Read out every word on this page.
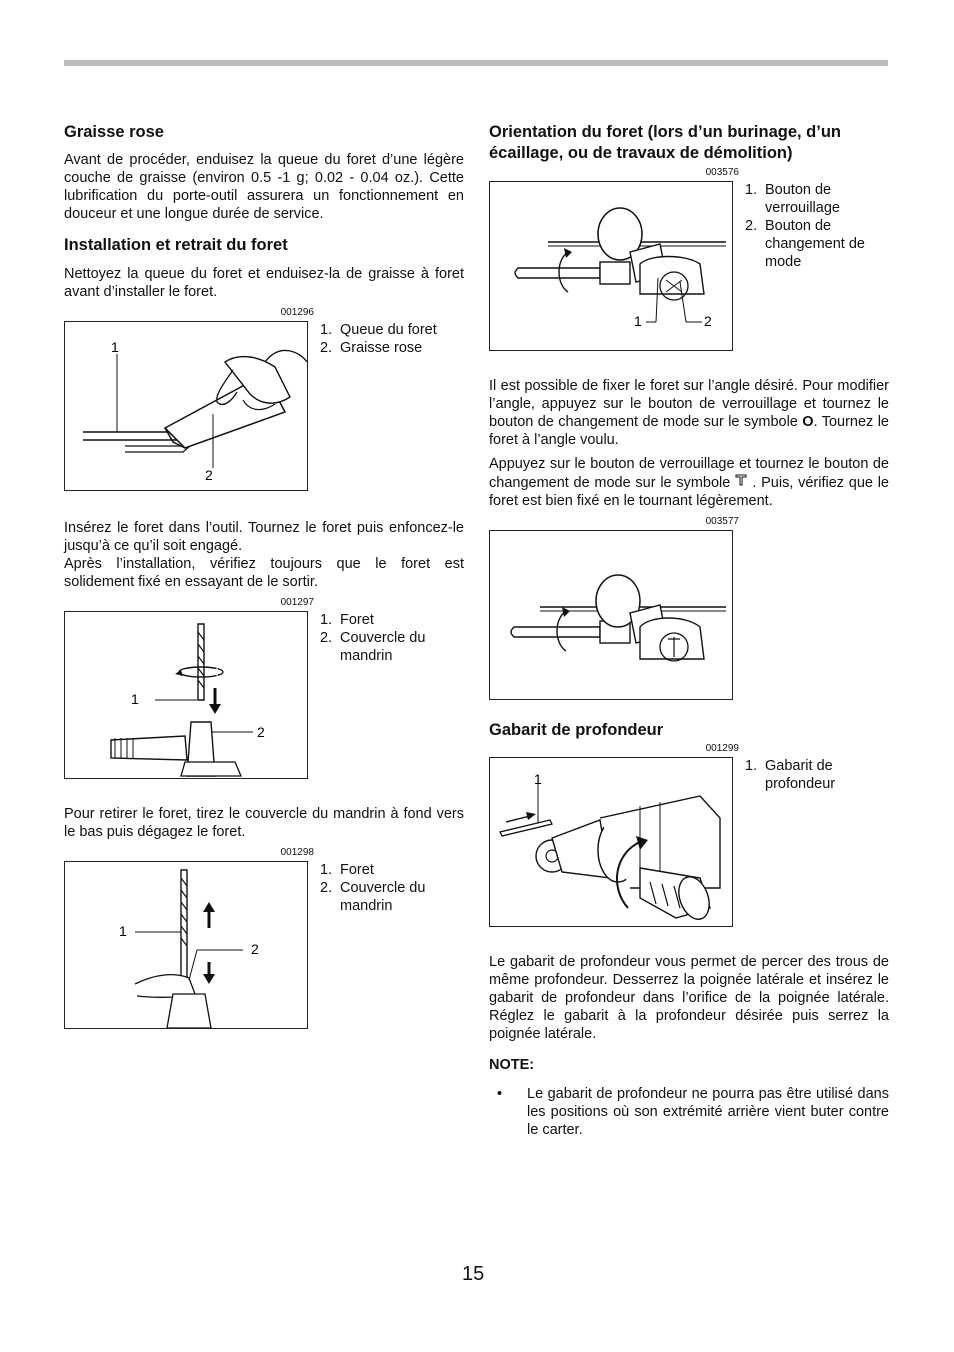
Graisse rose

Avant de procéder, enduisez la queue du foret d’une légère couche de graisse (environ 0.5 -1 g; 0.02 - 0.04 oz.). Cette lubrification du porte-outil assurera un fonctionnement en douceur et une longue durée de service.

Installation et retrait du foret

Nettoyez la queue du foret et enduisez-la de graisse à foret avant d’installer le foret.

001296
1
2
1. Queue du foret
2. Graisse rose

Insérez le foret dans l’outil. Tournez le foret puis enfoncez-le jusqu’à ce qu’il soit engagé.

Après l’installation, vérifiez toujours que le foret est solidement fixé en essayant de le sortir.

001297
1
2
1. Foret
2. Couvercle du mandrin

Pour retirer le foret, tirez le couvercle du mandrin à fond vers le bas puis dégagez le foret.

001298
1
2
1. Foret
2. Couvercle du mandrin
Orientation du foret (lors d’un burinage, d’un écaillage, ou de travaux de démolition)
003576
1	2
1. Bouton de verrouillage
2. Bouton de changement de mode

Il est possible de fixer le foret sur l’angle désiré. Pour modifier l’angle, appuyez sur le bouton de verrouillage et tournez le bouton de changement de mode sur le symbole O. Tournez le foret à l’angle voulu.

Appuyez sur le bouton de verrouillage et tournez le bouton de changement de mode sur le symbole . Puis, vérifiez que le foret est bien fixé en le tournant légèrement.

003577
Gabarit de profondeur
001299
1
1. Gabarit de profondeur

Le gabarit de profondeur vous permet de percer des trous de même profondeur. Desserrez la poignée latérale et insérez le gabarit de profondeur dans l’orifice de la poignée latérale. Réglez le gabarit à la profondeur désirée puis serrez la poignée latérale.

NOTE:
•	Le gabarit de profondeur ne pourra pas être utilisé dans les positions où son extrémité arrière vient buter contre le carter.
15
